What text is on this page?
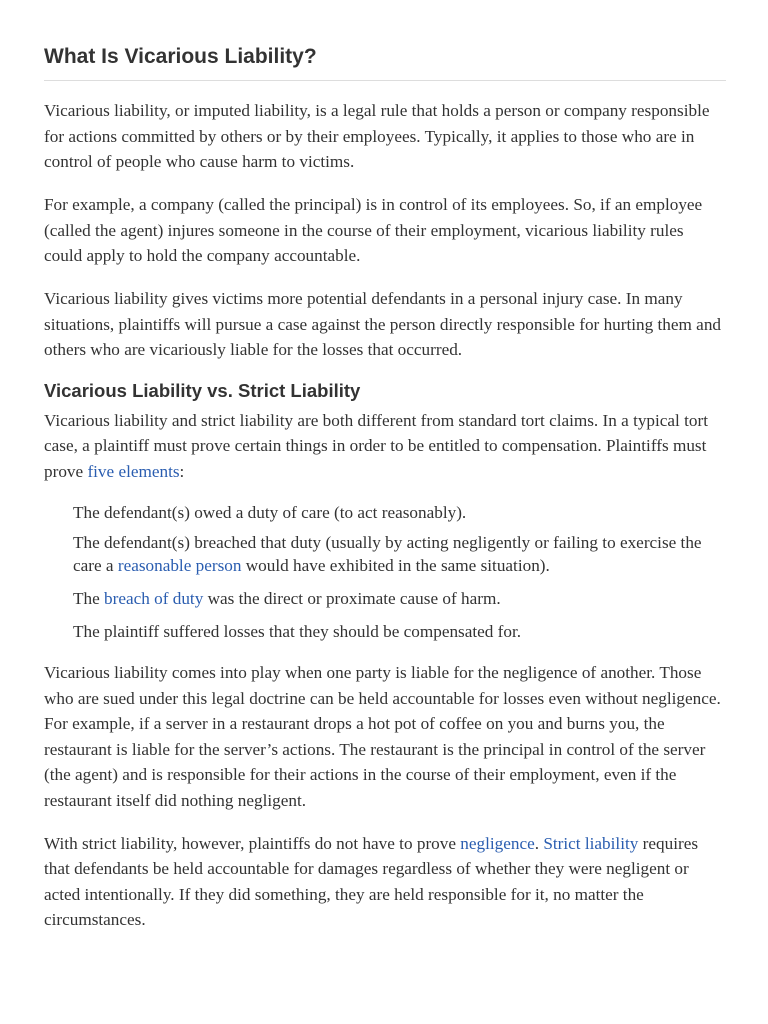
What Is Vicarious Liability?

Vicarious liability, or imputed liability, is a legal rule that holds a person or company responsible for actions committed by others or by their employees. Typically, it applies to those who are in control of people who cause harm to victims.

For example, a company (called the principal) is in control of its employees. So, if an employee (called the agent) injures someone in the course of their employment, vicarious liability rules could apply to hold the company accountable.

Vicarious liability gives victims more potential defendants in a personal injury case. In many situations, plaintiffs will pursue a case against the person directly responsible for hurting them and others who are vicariously liable for the losses that occurred.

Vicarious Liability vs. Strict Liability

Vicarious liability and strict liability are both different from standard tort claims. In a typical tort case, a plaintiff must prove certain things in order to be entitled to compensation. Plaintiffs must prove five elements:

The defendant(s) owed a duty of care (to act reasonably).
The defendant(s) breached that duty (usually by acting negligently or failing to exercise the care a reasonable person would have exhibited in the same situation).
The breach of duty was the direct or proximate cause of harm.
The plaintiff suffered losses that they should be compensated for.

Vicarious liability comes into play when one party is liable for the negligence of another. Those who are sued under this legal doctrine can be held accountable for losses even without negligence. For example, if a server in a restaurant drops a hot pot of coffee on you and burns you, the restaurant is liable for the server’s actions. The restaurant is the principal in control of the server (the agent) and is responsible for their actions in the course of their employment, even if the restaurant itself did nothing negligent.

With strict liability, however, plaintiffs do not have to prove negligence. Strict liability requires that defendants be held accountable for damages regardless of whether they were negligent or acted intentionally. If they did something, they are held responsible for it, no matter the circumstances.
